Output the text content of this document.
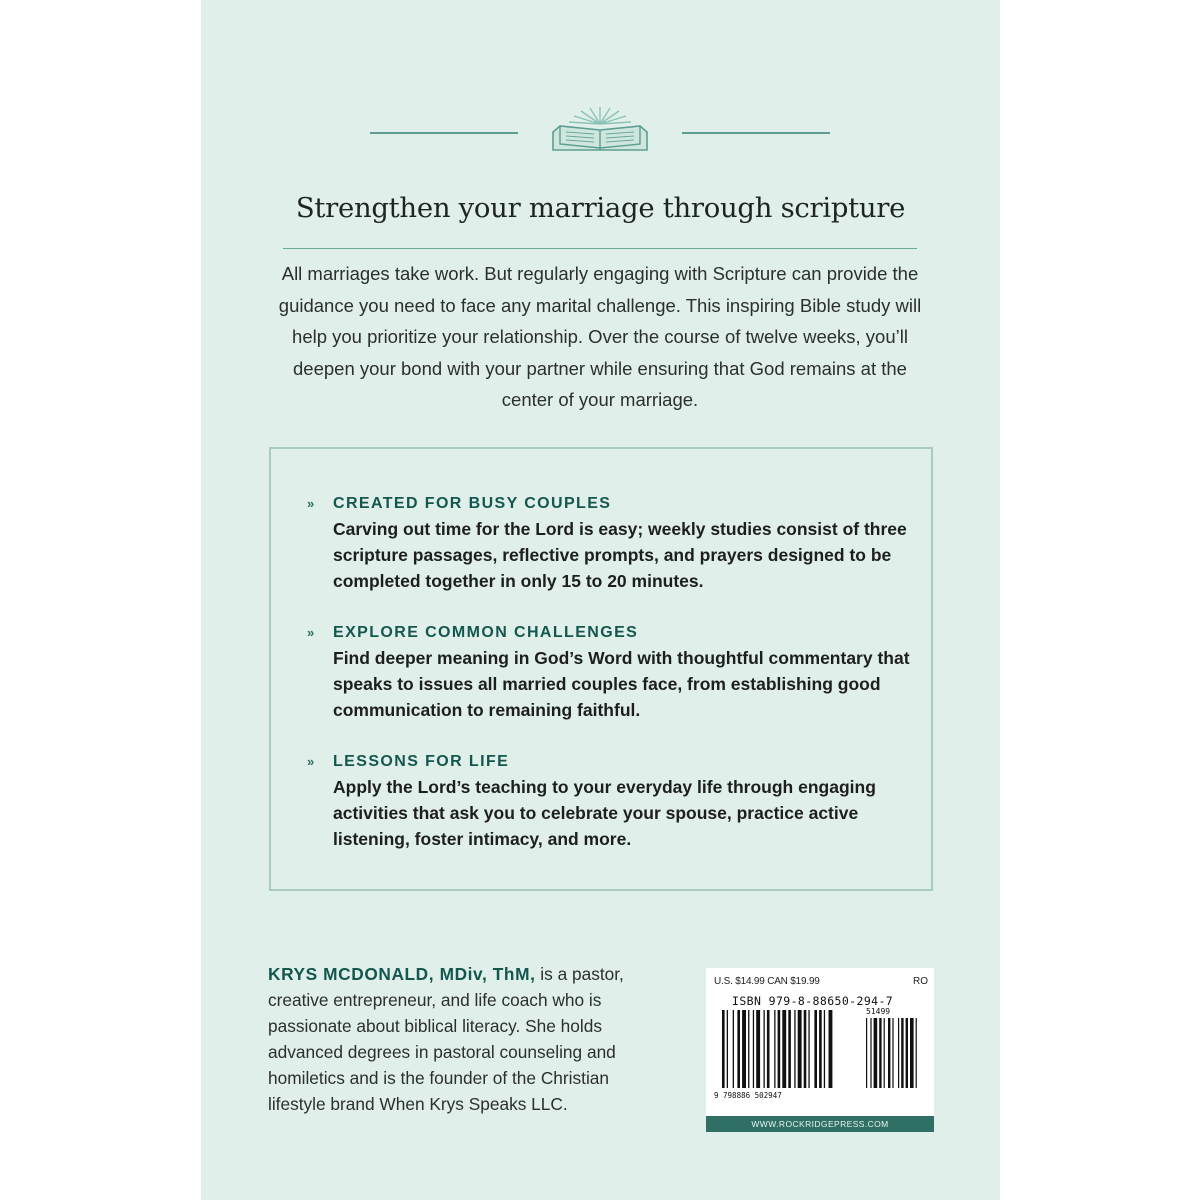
Strengthen your marriage through scripture

All marriages take work. But regularly engaging with Scripture can provide the guidance you need to face any marital challenge. This inspiring Bible study will help you prioritize your relationship. Over the course of twelve weeks, you’ll deepen your bond with your partner while ensuring that God remains at the center of your marriage.

» CREATED FOR BUSY COUPLES
Carving out time for the Lord is easy; weekly studies consist of three scripture passages, reflective prompts, and prayers designed to be completed together in only 15 to 20 minutes.
» EXPLORE COMMON CHALLENGES
Find deeper meaning in God’s Word with thoughtful commentary that speaks to issues all married couples face, from establishing good communication to remaining faithful.
» LESSONS FOR LIFE
Apply the Lord’s teaching to your everyday life through engaging activities that ask you to celebrate your spouse, practice active listening, foster intimacy, and more.

KRYS MCDONALD, MDiv, ThM, is a pastor, creative entrepreneur, and life coach who is passionate about biblical literacy. She holds advanced degrees in pastoral counseling and homiletics and is the founder of the Christian lifestyle brand When Krys Speaks LLC.

U.S. $14.99 CAN $19.99	RO
ISBN 979-8-88650-294-7
9 798886 502947
51499
WWW.ROCKRIDGEPRESS.COM
